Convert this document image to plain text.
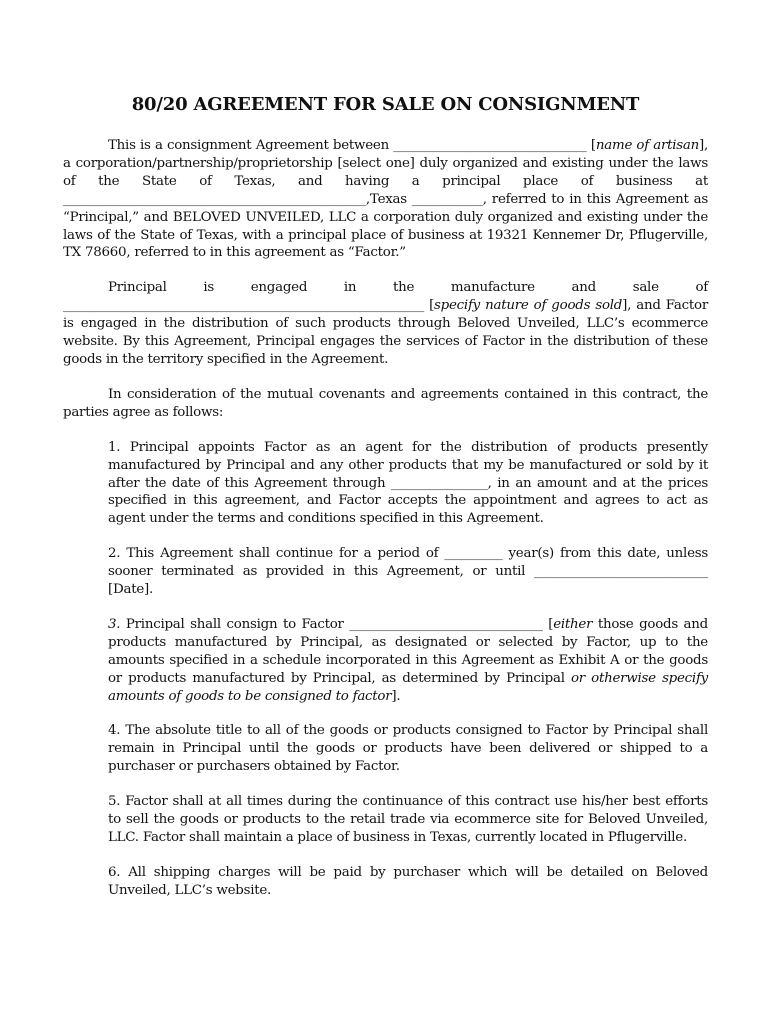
80/20 AGREEMENT FOR SALE ON CONSIGNMENT

This is a consignment Agreement between ______________________________ [name of artisan], a corporation/partnership/proprietorship [select one] duly organized and existing under the laws of the State of Texas, and having a principal place of business at _______________________________________________,Texas ___________, referred to in this Agreement as “Principal,” and BELOVED UNVEILED, LLC a corporation duly organized and existing under the laws of the State of Texas, with a principal place of business at 19321 Kennemer Dr, Pflugerville, TX 78660, referred to in this agreement as “Factor.”

Principal is engaged in the manufacture and sale of ________________________________________________________ [specify nature of goods sold], and Factor is engaged in the distribution of such products through Beloved Unveiled, LLC’s ecommerce website. By this Agreement, Principal engages the services of Factor in the distribution of these goods in the territory specified in the Agreement.

In consideration of the mutual covenants and agreements contained in this contract, the parties agree as follows:

1. Principal appoints Factor as an agent for the distribution of products presently manufactured by Principal and any other products that my be manufactured or sold by it after the date of this Agreement through _______________, in an amount and at the prices specified in this agreement, and Factor accepts the appointment and agrees to act as agent under the terms and conditions specified in this Agreement.

2. This Agreement shall continue for a period of _________ year(s) from this date, unless sooner terminated as provided in this Agreement, or until ___________________________ [Date].

3. Principal shall consign to Factor ______________________________ [either those goods and products manufactured by Principal, as designated or selected by Factor, up to the amounts specified in a schedule incorporated in this Agreement as Exhibit A or the goods or products manufactured by Principal, as determined by Principal or otherwise specify amounts of goods to be consigned to factor].

4. The absolute title to all of the goods or products consigned to Factor by Principal shall remain in Principal until the goods or products have been delivered or shipped to a purchaser or purchasers obtained by Factor.

5. Factor shall at all times during the continuance of this contract use his/her best efforts to sell the goods or products to the retail trade via ecommerce site for Beloved Unveiled, LLC. Factor shall maintain a place of business in Texas, currently located in Pflugerville.

6. All shipping charges will be paid by purchaser which will be detailed on Beloved Unveiled, LLC’s website.
